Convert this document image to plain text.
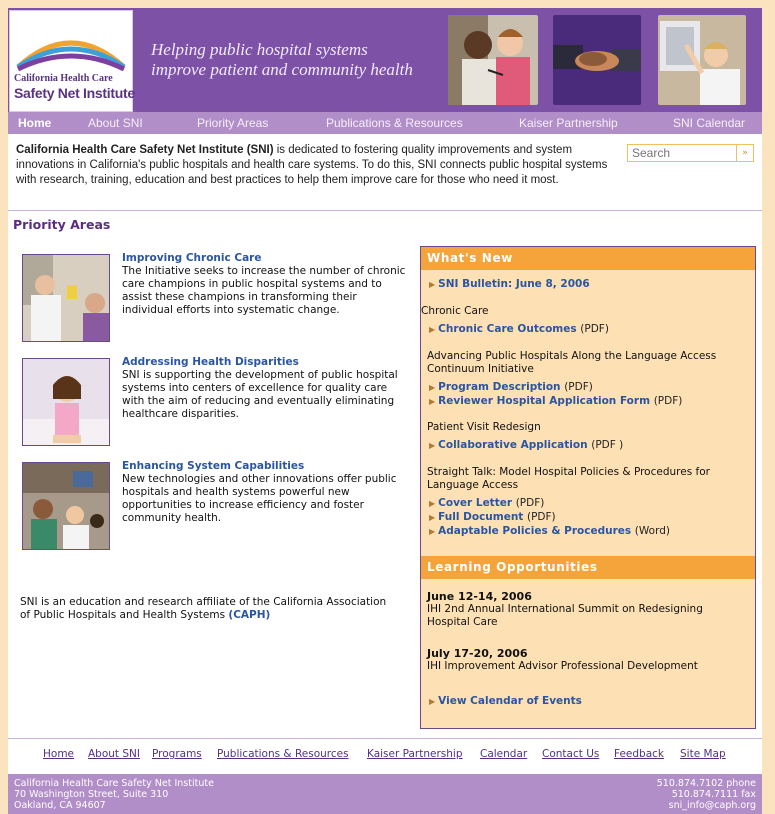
California Health Care
Safety Net Institute
Helping public hospital systems
improve patient and community health
Home	About SNI	Priority Areas	Publications & Resources	Kaiser Partnership	SNI Calendar
California Health Care Safety Net Institute (SNI) is dedicated to fostering quality improvements and system innovations in California's public hospitals and health care systems. To do this, SNI connects public hospital systems with research, training, education and best practices to help them improve care for those who need it most.
Search
»
Priority Areas
Improving Chronic Care
The Initiative seeks to increase the number of chronic care champions in public hospital systems and to assist these champions in transforming their individual efforts into systematic change.
Addressing Health Disparities
SNI is supporting the development of public hospital systems into centers of excellence for quality care with the aim of reducing and eventually eliminating healthcare disparities.
Enhancing System Capabilities
New technologies and other innovations offer public hospitals and health systems powerful new opportunities to increase efficiency and foster community health.
SNI is an education and research affiliate of the California Association of Public Hospitals and Health Systems (CAPH)
What's New
▶ SNI Bulletin: June 8, 2006
Chronic Care
▶ Chronic Care Outcomes (PDF)
Advancing Public Hospitals Along the Language Access Continuum Initiative
▶ Program Description (PDF)
▶ Reviewer Hospital Application Form (PDF)
Patient Visit Redesign
▶ Collaborative Application (PDF )
Straight Talk: Model Hospital Policies & Procedures for Language Access
▶ Cover Letter (PDF)
▶ Full Document (PDF)
▶ Adaptable Policies & Procedures (Word)
Learning Opportunities
June 12-14, 2006
IHI 2nd Annual International Summit on Redesigning Hospital Care
July 17-20, 2006
IHI Improvement Advisor Professional Development
▶ View Calendar of Events
Home About SNI Programs Publications & Resources Kaiser Partnership Calendar Contact Us Feedback Site Map
California Health Care Safety Net Institute
70 Washington Street, Suite 310
Oakland, CA 94607
510.874.7102 phone
510.874.7111 fax
sni_info@caph.org
